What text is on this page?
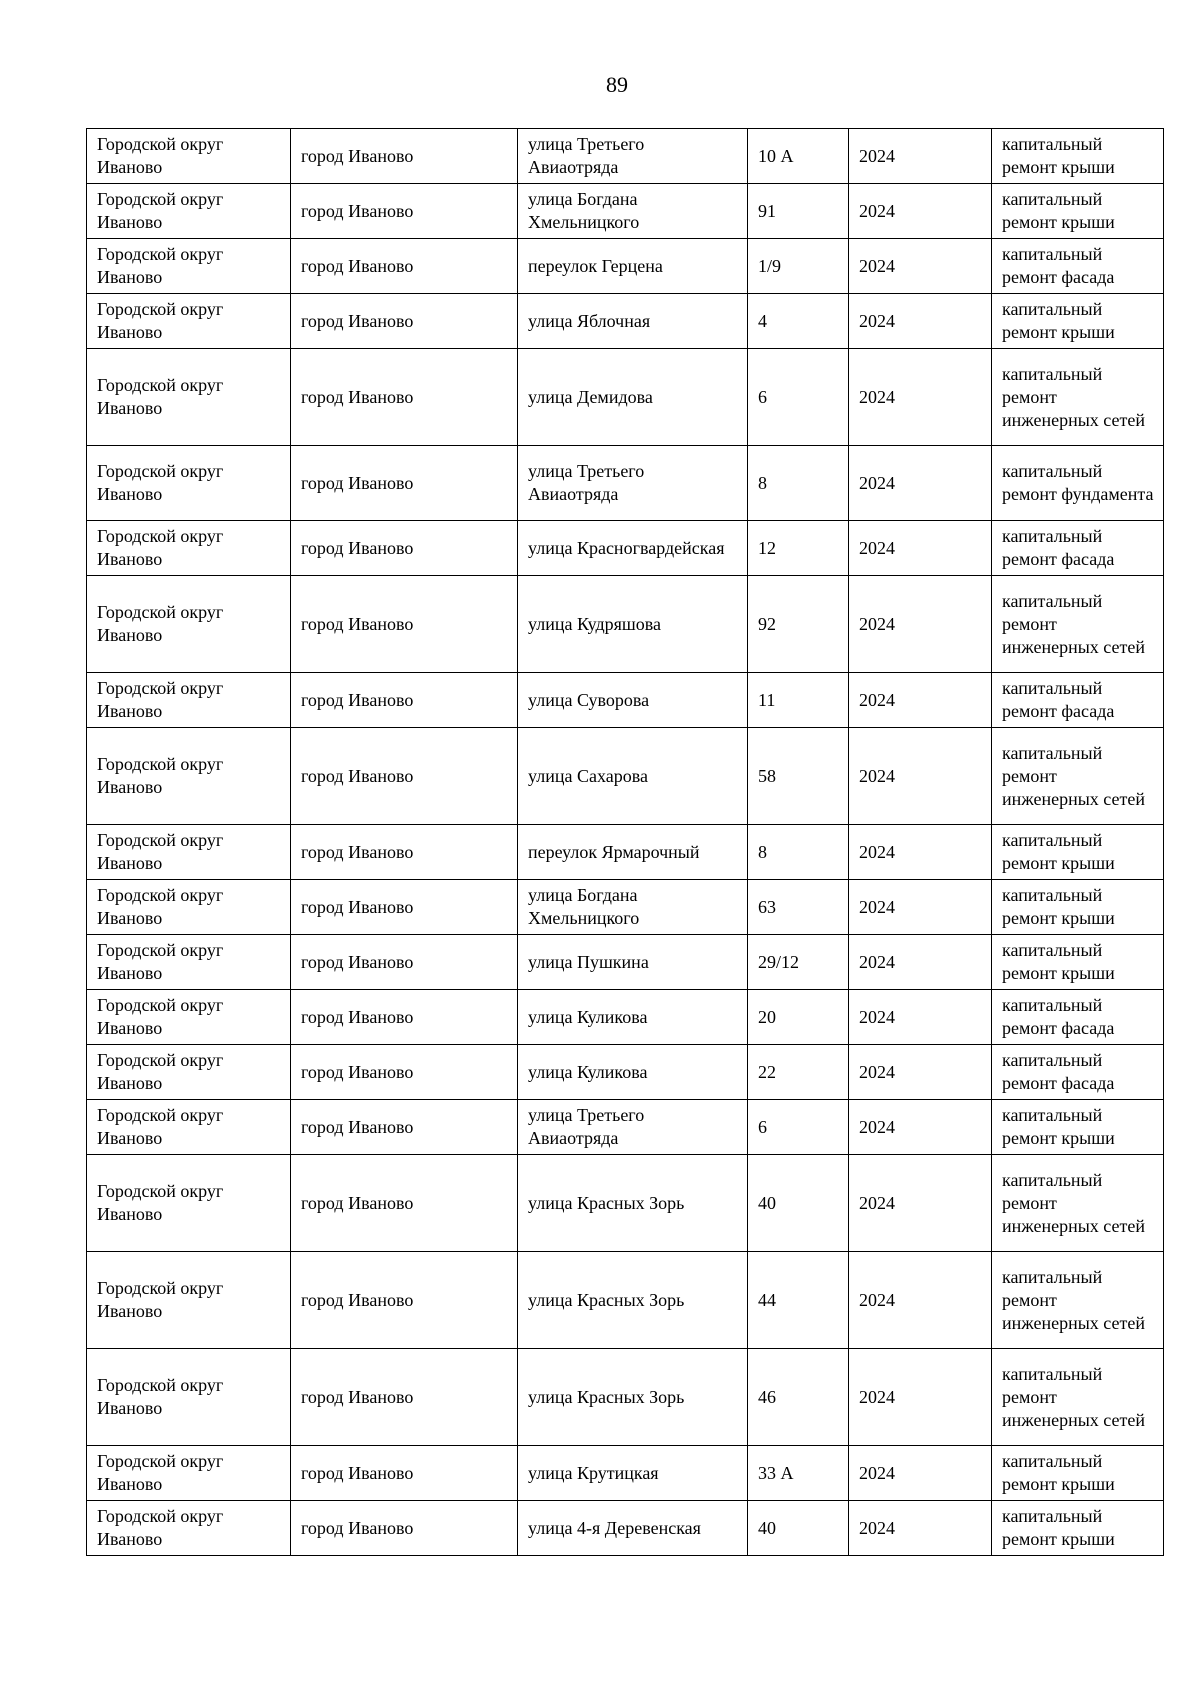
89
Городской округ Иваново	город Иваново	улица Третьего Авиаотряда	10 А	2024	капитальный ремонт крыши
Городской округ Иваново	город Иваново	улица Богдана Хмельницкого	91	2024	капитальный ремонт крыши
Городской округ Иваново	город Иваново	переулок Герцена	1/9	2024	капитальный ремонт фасада
Городской округ Иваново	город Иваново	улица Яблочная	4	2024	капитальный ремонт крыши
Городской округ Иваново	город Иваново	улица Демидова	6	2024	капитальный ремонт инженерных сетей
Городской округ Иваново	город Иваново	улица Третьего Авиаотряда	8	2024	капитальный ремонт фундамента
Городской округ Иваново	город Иваново	улица Красногвардейская	12	2024	капитальный ремонт фасада
Городской округ Иваново	город Иваново	улица Кудряшова	92	2024	капитальный ремонт инженерных сетей
Городской округ Иваново	город Иваново	улица Суворова	11	2024	капитальный ремонт фасада
Городской округ Иваново	город Иваново	улица Сахарова	58	2024	капитальный ремонт инженерных сетей
Городской округ Иваново	город Иваново	переулок Ярмарочный	8	2024	капитальный ремонт крыши
Городской округ Иваново	город Иваново	улица Богдана Хмельницкого	63	2024	капитальный ремонт крыши
Городской округ Иваново	город Иваново	улица Пушкина	29/12	2024	капитальный ремонт крыши
Городской округ Иваново	город Иваново	улица Куликова	20	2024	капитальный ремонт фасада
Городской округ Иваново	город Иваново	улица Куликова	22	2024	капитальный ремонт фасада
Городской округ Иваново	город Иваново	улица Третьего Авиаотряда	6	2024	капитальный ремонт крыши
Городской округ Иваново	город Иваново	улица Красных Зорь	40	2024	капитальный ремонт инженерных сетей
Городской округ Иваново	город Иваново	улица Красных Зорь	44	2024	капитальный ремонт инженерных сетей
Городской округ Иваново	город Иваново	улица Красных Зорь	46	2024	капитальный ремонт инженерных сетей
Городской округ Иваново	город Иваново	улица Крутицкая	33 А	2024	капитальный ремонт крыши
Городской округ Иваново	город Иваново	улица 4-я Деревенская	40	2024	капитальный ремонт крыши
